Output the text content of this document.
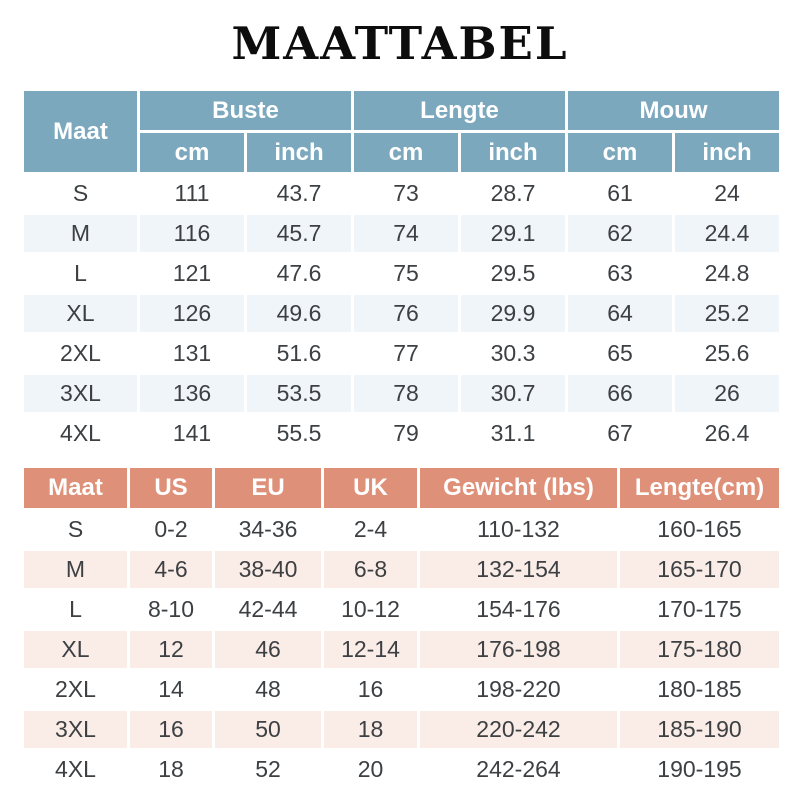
MAATTABEL
Maat	Buste		Lengte		Mouw	
	cm	inch	cm	inch	cm	inch
S	111	43.7	73	28.7	61	24
M	116	45.7	74	29.1	62	24.4
L	121	47.6	75	29.5	63	24.8
XL	126	49.6	76	29.9	64	25.2
2XL	131	51.6	77	30.3	65	25.6
3XL	136	53.5	78	30.7	66	26
4XL	141	55.5	79	31.1	67	26.4
Maat	US	EU	UK	Gewicht (lbs)	Lengte(cm)
S	0-2	34-36	2-4	110-132	160-165
M	4-6	38-40	6-8	132-154	165-170
L	8-10	42-44	10-12	154-176	170-175
XL	12	46	12-14	176-198	175-180
2XL	14	48	16	198-220	180-185
3XL	16	50	18	220-242	185-190
4XL	18	52	20	242-264	190-195
